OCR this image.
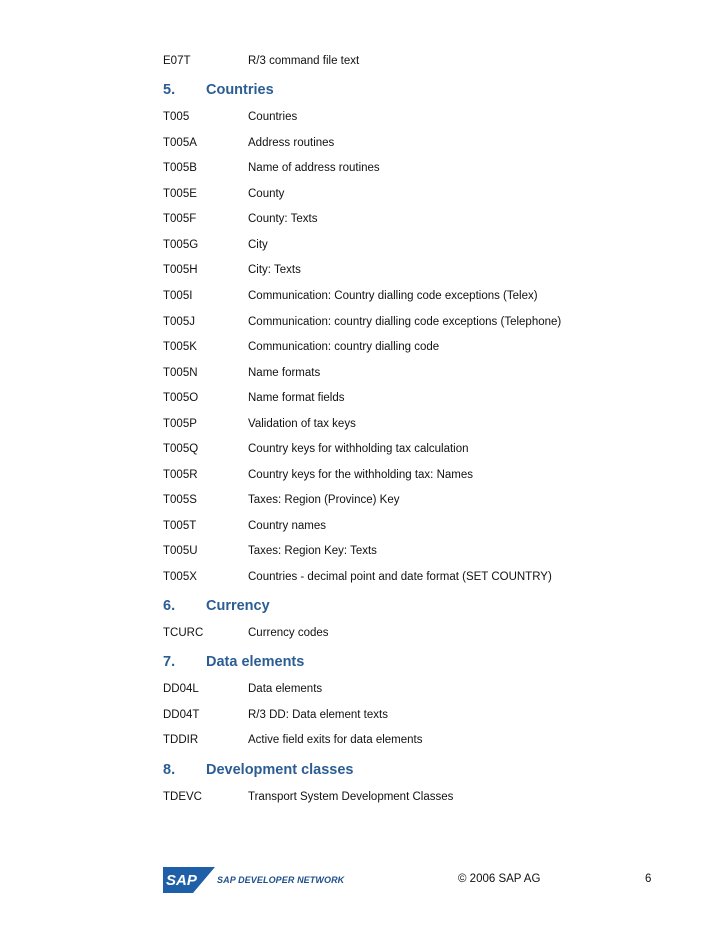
E07T	R/3 command file text
5. Countries
T005	Countries
T005A	Address routines
T005B	Name of address routines
T005E	County
T005F	County: Texts
T005G	City
T005H	City: Texts
T005I	Communication: Country dialling code exceptions (Telex)
T005J	Communication: country dialling code exceptions (Telephone)
T005K	Communication: country dialling code
T005N	Name formats
T005O	Name format fields
T005P	Validation of tax keys
T005Q	Country keys for withholding tax calculation
T005R	Country keys for the withholding tax: Names
T005S	Taxes: Region (Province) Key
T005T	Country names
T005U	Taxes: Region Key: Texts
T005X	Countries - decimal point and date format (SET COUNTRY)
6. Currency
TCURC	Currency codes
7. Data elements
DD04L	Data elements
DD04T	R/3 DD: Data element texts
TDDIR	Active field exits for data elements
8. Development classes
TDEVC	Transport System Development Classes
SAP SAP DEVELOPER NETWORK	© 2006 SAP AG	6
